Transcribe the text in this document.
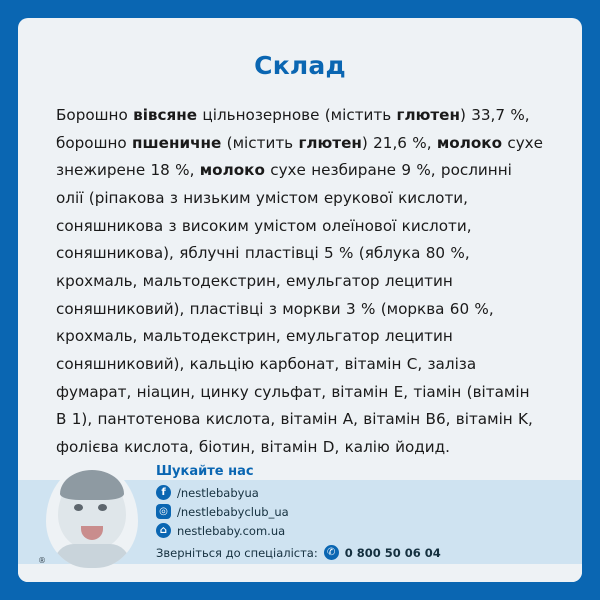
Склад
Борошно вівсяне цільнозернове (містить глютен) 33,7 %, борошно пшеничне (містить глютен) 21,6 %, молоко сухе знежирене 18 %, молоко сухе незбиране 9 %, рослинні олії (ріпакова з низьким умістом ерукової кислоти, соняшникова з високим умістом олеїнової кислоти, соняшникова), яблучні пластівці 5 % (яблука 80 %, крохмаль, мальтодекстрин, емульгатор лецитин соняшниковий), пластівці з моркви 3 % (морква 60 %, крохмаль, мальтодекстрин, емульгатор лецитин соняшниковий), кальцію карбонат, вітамін C, заліза фумарат, ніацин, цинку сульфат, вітамін E, тіамін (вітамін B 1), пантотенова кислота, вітамін A, вітамін B6, вітамін K, фолієва кислота, біотин, вітамін D, калію йодид.
®
Шукайте нас
f /nestlebabyua
◎ /nestlebabyclub_ua
⌂ nestlebaby.com.ua
Зверніться до спеціаліста: ✆ 0 800 50 06 04
